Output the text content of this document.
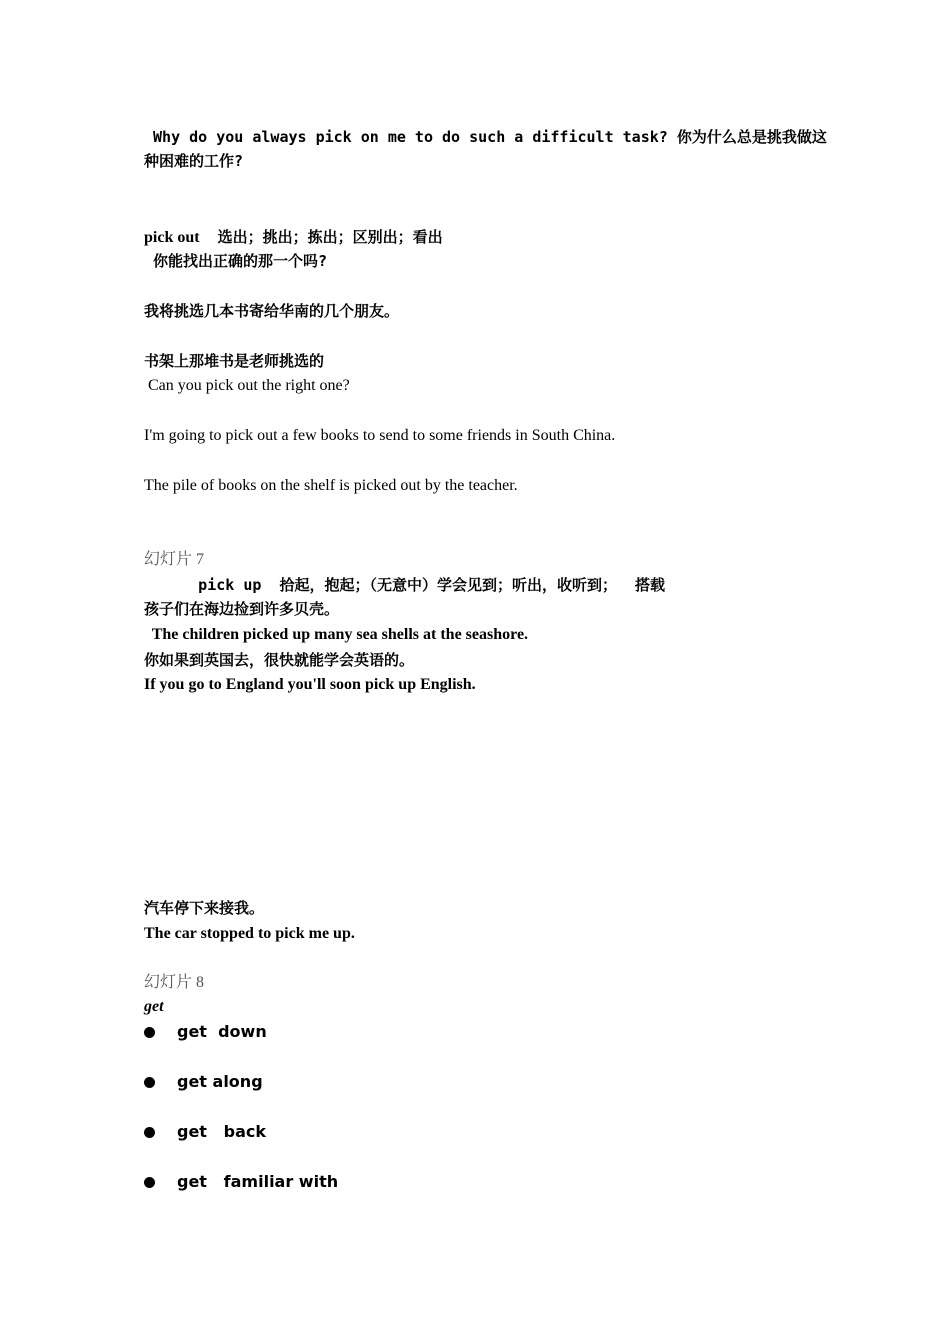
Why do you always pick on me to do such a difficult task? 你为什么总是挑我做这
种困难的工作?
pick out  选出；挑出；拣出；区别出；看出
你能找出正确的那一个吗?
我将挑选几本书寄给华南的几个朋友。
书架上那堆书是老师挑选的
Can you pick out the right one?
I'm going to pick out a few books to send to some friends in South China.
The pile of books on the shelf is picked out by the teacher.
幻灯片 7
pick up  拾起，抱起；（无意中）学会见到；听出，收听到；  搭载
孩子们在海边捡到许多贝壳。
The children picked up many sea shells at the seashore.
你如果到英国去，很快就能学会英语的。
If you go to England you'll soon pick up English.
汽车停下来接我。
The car stopped to pick me up.
幻灯片 8
get
get  down
get along
get   back
get   familiar with
